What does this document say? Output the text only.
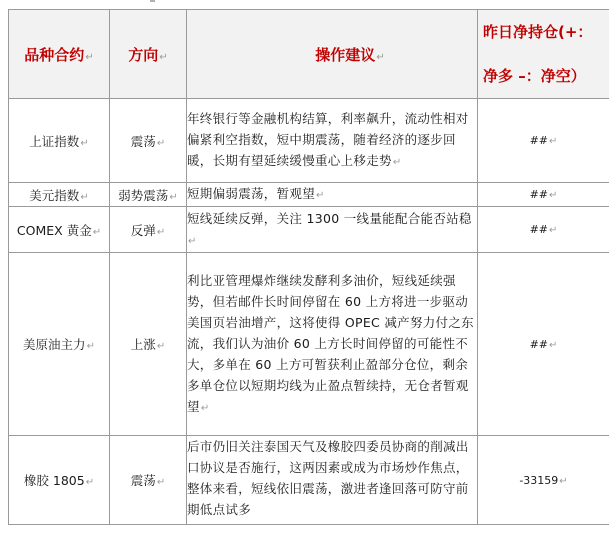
品种合约↵	方向↵	操作建议↵	昨日净持仓(+：
净多 –：净空）

上证指数↵	震荡↵	年终银行等金融机构结算，利率飙升，流动性相对偏紧利空指数，短中期震荡，随着经济的逐步回暖，长期有望延续缓慢重心上移走势↵	##↵
美元指数↵	弱势震荡↵	短期偏弱震荡，暂观望↵	##↵
COMEX 黄金↵	反弹↵	短线延续反弹，关注 1300 一线量能配合能否站稳↵	##↵
美原油主力↵	上涨↵	利比亚管理爆炸继续发酵利多油价，短线延续强势，但若邮件长时间停留在 60 上方将进一步驱动美国页岩油增产，这将使得 OPEC 减产努力付之东流，我们认为油价 60 上方长时间停留的可能性不大，多单在 60 上方可暂获利止盈部分仓位，剩余多单仓位以短期均线为止盈点暂续持，无仓者暂观望↵	##↵
橡胶 1805↵	震荡↵	后市仍旧关注泰国天气及橡胶四委员协商的削减出口协议是否施行，这两因素或成为市场炒作焦点，整体来看，短线依旧震荡，激进者逢回落可防守前期低点试多	-33159↵
